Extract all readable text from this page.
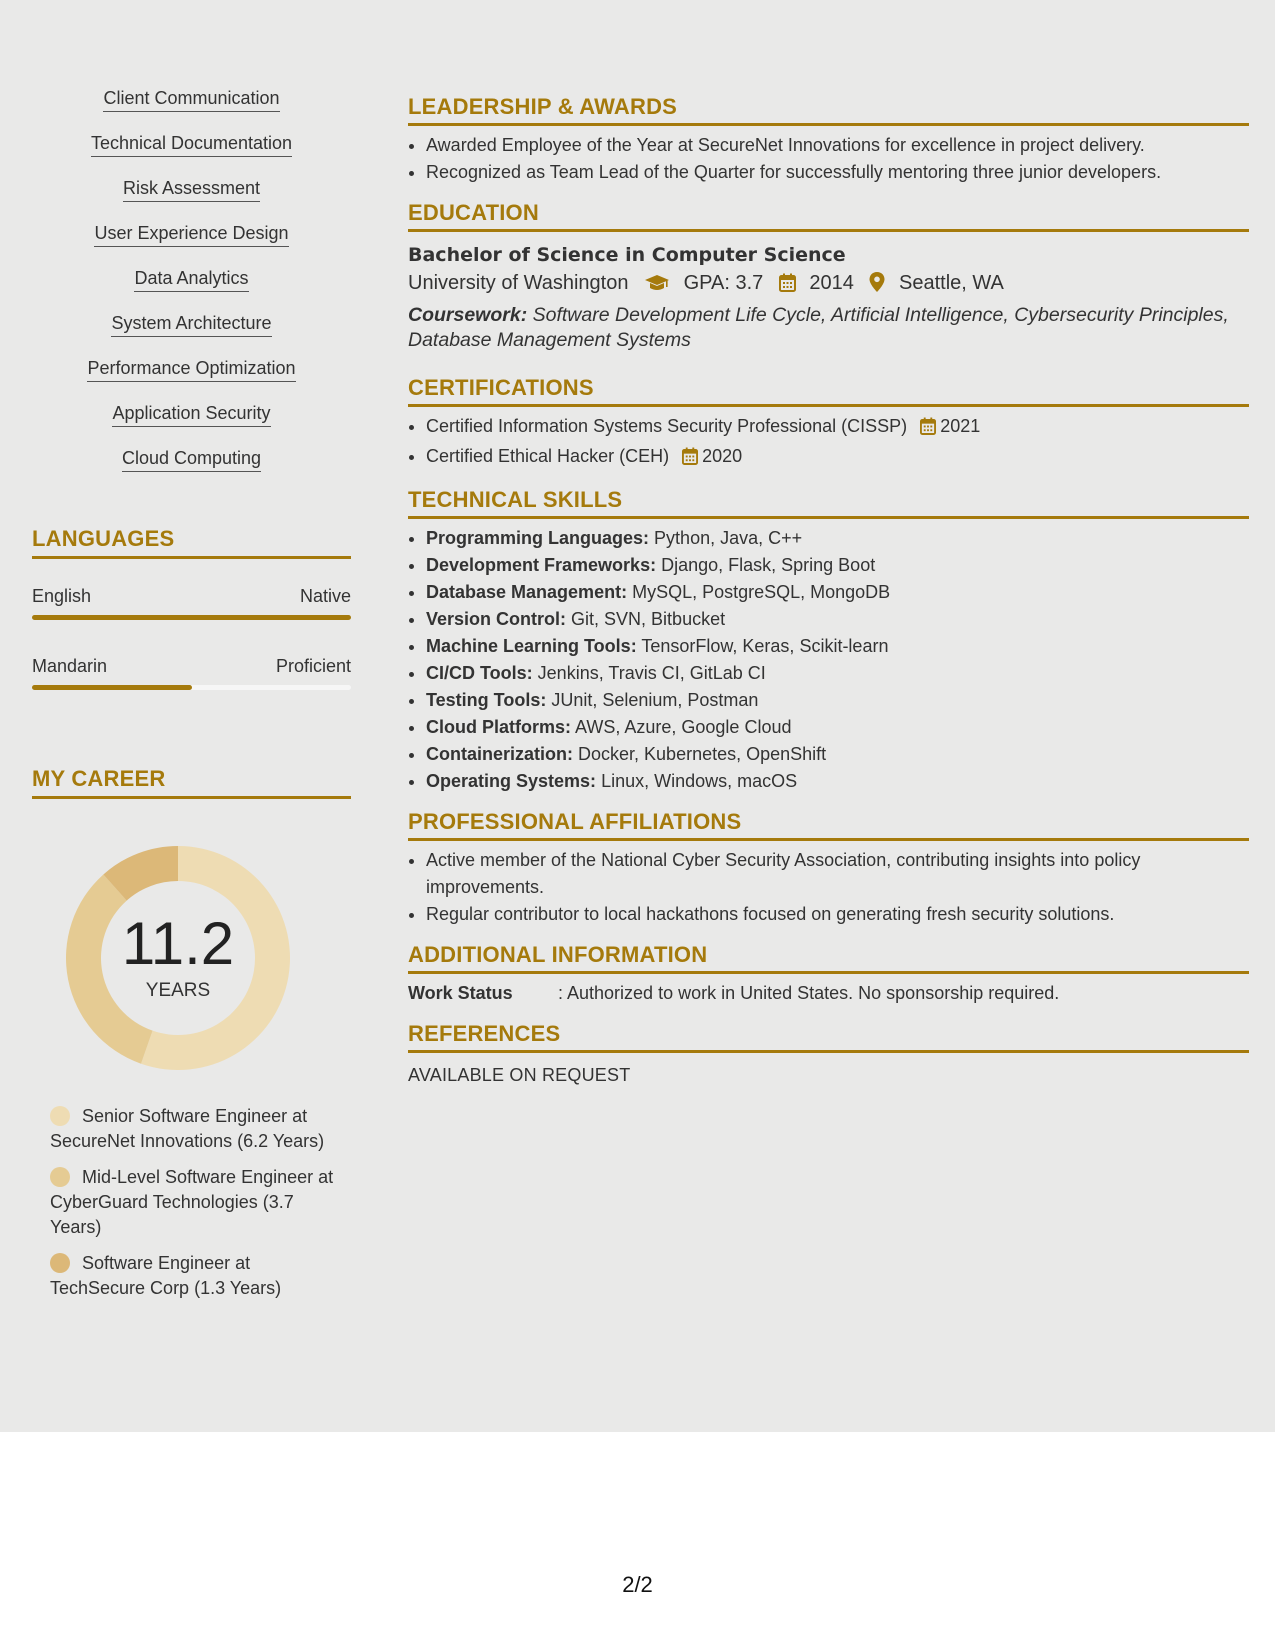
Client Communication
Technical Documentation
Risk Assessment
User Experience Design
Data Analytics
System Architecture
Performance Optimization
Application Security
Cloud Computing
LANGUAGES
English	Native
Mandarin	Proficient
MY CAREER
11.2
YEARS
Senior Software Engineer at SecureNet Innovations (6.2 Years)
Mid-Level Software Engineer at CyberGuard Technologies (3.7 Years)
Software Engineer at TechSecure Corp (1.3 Years)
LEADERSHIP & AWARDS
• Awarded Employee of the Year at SecureNet Innovations for excellence in project delivery.
• Recognized as Team Lead of the Quarter for successfully mentoring three junior developers.
EDUCATION
Bachelor of Science in Computer Science
University of Washington	GPA: 3.7 2014 Seattle, WA
Coursework: Software Development Life Cycle, Artificial Intelligence, Cybersecurity Principles, Database Management Systems
CERTIFICATIONS
• Certified Information Systems Security Professional (CISSP) 2021
• Certified Ethical Hacker (CEH) 2020
TECHNICAL SKILLS
• Programming Languages: Python, Java, C++
• Development Frameworks: Django, Flask, Spring Boot
• Database Management: MySQL, PostgreSQL, MongoDB
• Version Control: Git, SVN, Bitbucket
• Machine Learning Tools: TensorFlow, Keras, Scikit-learn
• CI/CD Tools: Jenkins, Travis CI, GitLab CI
• Testing Tools: JUnit, Selenium, Postman
• Cloud Platforms: AWS, Azure, Google Cloud
• Containerization: Docker, Kubernetes, OpenShift
• Operating Systems: Linux, Windows, macOS
PROFESSIONAL AFFILIATIONS
• Active member of the National Cyber Security Association, contributing insights into policy improvements.
• Regular contributor to local hackathons focused on generating fresh security solutions.
ADDITIONAL INFORMATION
Work Status	: Authorized to work in United States. No sponsorship required.
REFERENCES
AVAILABLE ON REQUEST
2/2
